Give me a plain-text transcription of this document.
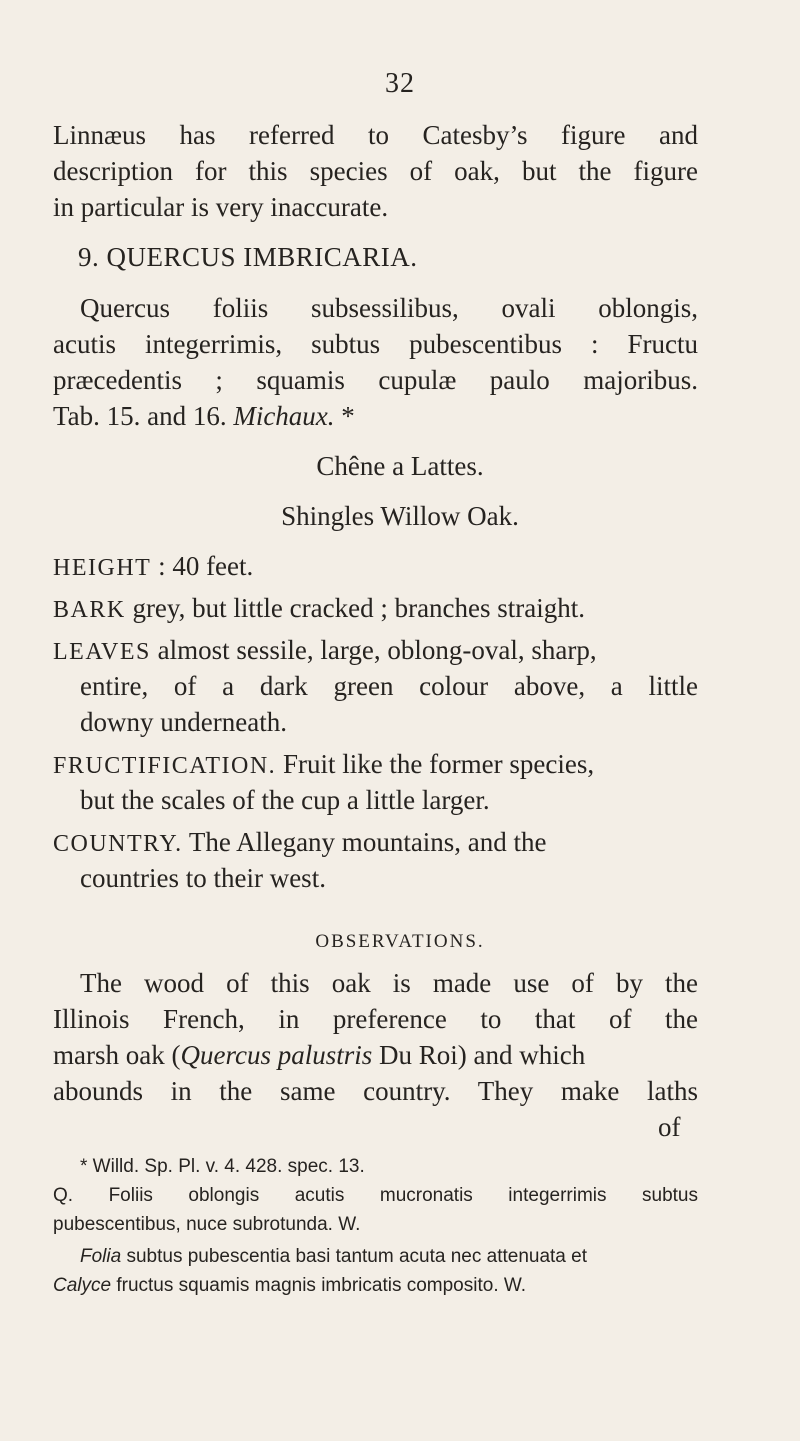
32
Linnæus has referred to Catesby’s figure and
description for this species of oak, but the figure
in particular is very inaccurate.
9. QUERCUS IMBRICARIA.
Quercus foliis subsessilibus, ovali oblongis,
acutis integerrimis, subtus pubescentibus : Fructu
præcedentis ; squamis cupulæ paulo majoribus.
Tab. 15. and 16. Michaux. *
Chêne a Lattes.
Shingles Willow Oak.
HEIGHT : 40 feet.
BARK grey, but little cracked ; branches straight.
LEAVES almost sessile, large, oblong-oval, sharp,
entire, of a dark green colour above, a little
downy underneath.
FRUCTIFICATION. Fruit like the former species,
but the scales of the cup a little larger.
COUNTRY. The Allegany mountains, and the
countries to their west.
OBSERVATIONS.
The wood of this oak is made use of by the
Illinois French, in preference to that of the
marsh oak (Quercus palustris Du Roi) and which
abounds in the same country. They make laths
of
* Willd. Sp. Pl. v. 4. 428. spec. 13.
Q. Foliis oblongis acutis mucronatis integerrimis subtus
pubescentibus, nuce subrotunda. W.
Folia subtus pubescentia basi tantum acuta nec attenuata et
Calyce fructus squamis magnis imbricatis composito. W.
